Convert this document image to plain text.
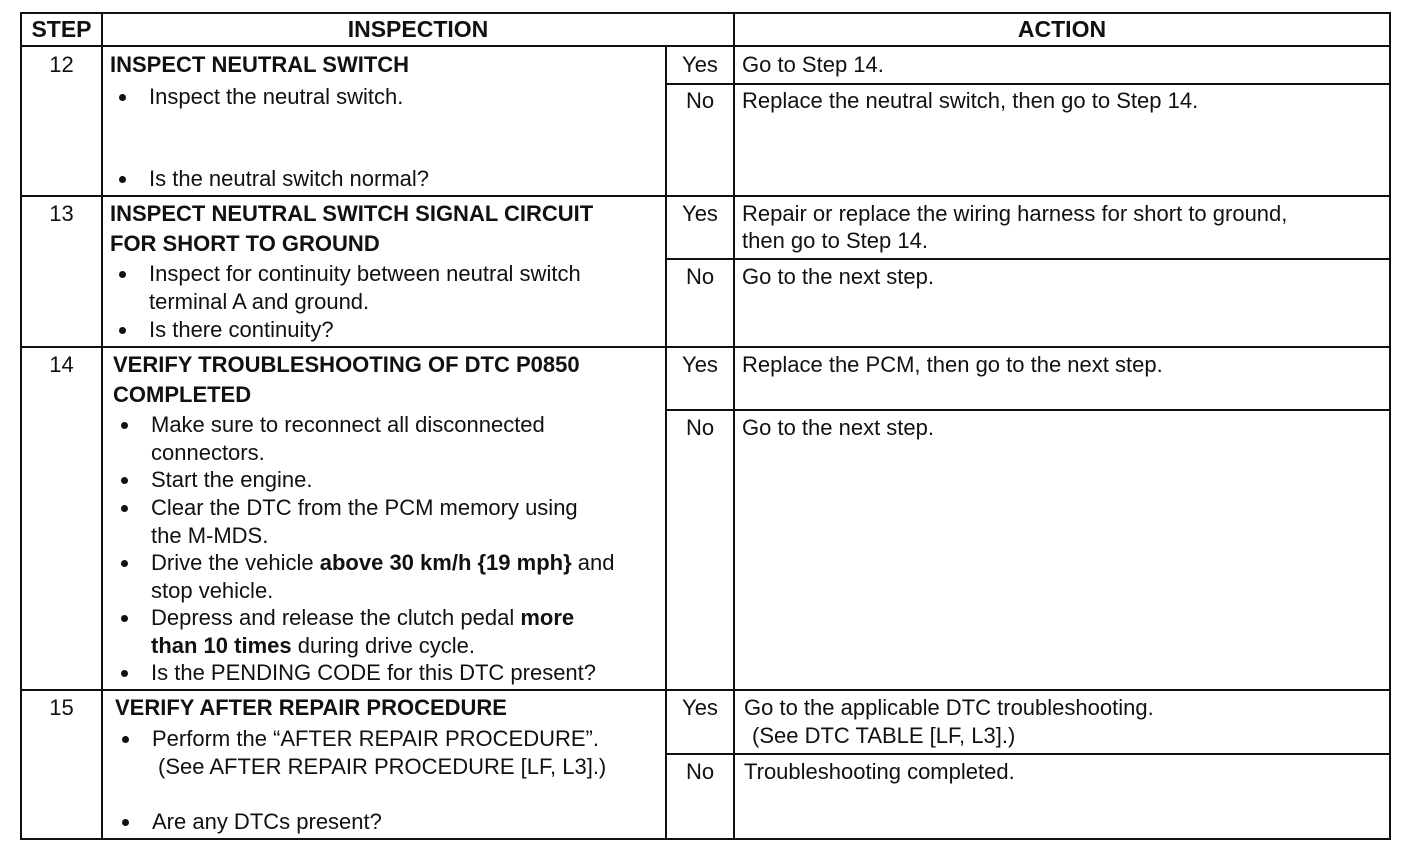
STEP	INSPECTION	ACTION
12	INSPECT NEUTRAL SWITCH
Inspect the neutral switch.
Is the neutral switch normal?
Yes	Go to Step 14.
No	Replace the neutral switch, then go to Step 14.
13	INSPECT NEUTRAL SWITCH SIGNAL CIRCUIT
FOR SHORT TO GROUND
Inspect for continuity between neutral switch
terminal A and ground.
Is there continuity?
Yes	Repair or replace the wiring harness for short to ground,
then go to Step 14.
No	Go to the next step.
14	VERIFY TROUBLESHOOTING OF DTC P0850
COMPLETED
Make sure to reconnect all disconnected
connectors.
Start the engine.
Clear the DTC from the PCM memory using
the M-MDS.
Drive the vehicle above 30 km/h {19 mph} and
stop vehicle.
Depress and release the clutch pedal more
than 10 times during drive cycle.
Is the PENDING CODE for this DTC present?
Yes	Replace the PCM, then go to the next step.
No	Go to the next step.
15	VERIFY AFTER REPAIR PROCEDURE
Perform the “AFTER REPAIR PROCEDURE”.
(See AFTER REPAIR PROCEDURE [LF, L3].)
Are any DTCs present?
Yes	Go to the applicable DTC troubleshooting.
(See DTC TABLE [LF, L3].)
No	Troubleshooting completed.
